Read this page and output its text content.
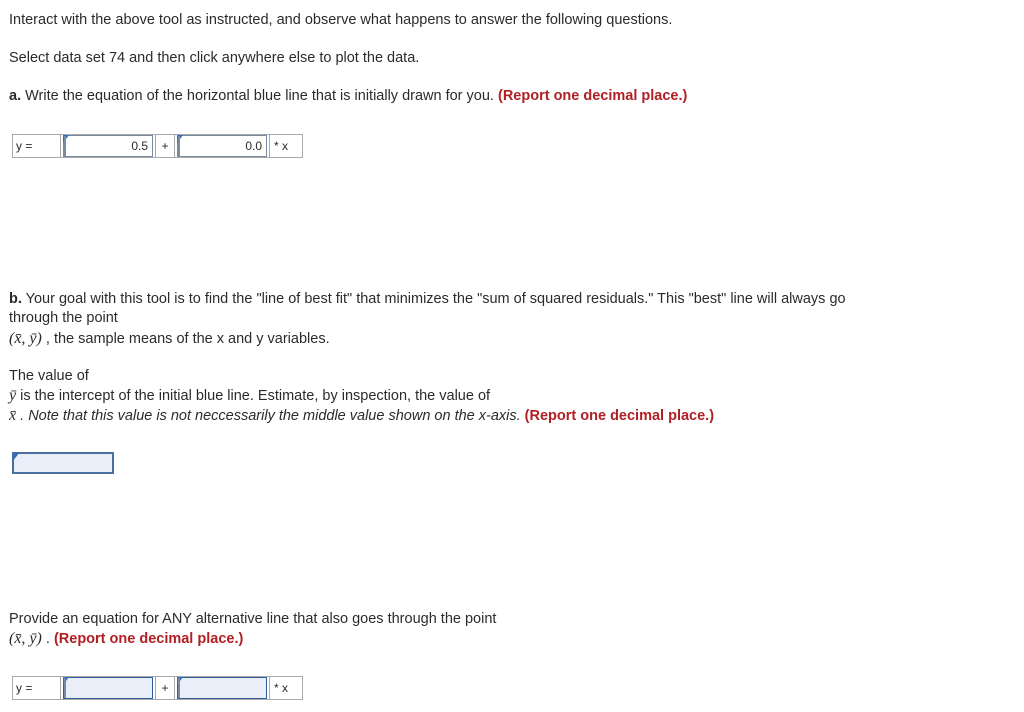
Interact with the above tool as instructed, and observe what happens to answer the following questions.
Select data set 74 and then click anywhere else to plot the data.
a. Write the equation of the horizontal blue line that is initially drawn for you. (Report one decimal place.)
y =	0.5	+	0.0	* x
b. Your goal with this tool is to find the "line of best fit" that minimizes the "sum of squared residuals." This "best" line will always go
through the point
(x̄, ȳ) , the sample means of the x and y variables.
The value of
ȳ is the intercept of the initial blue line. Estimate, by inspection, the value of
x̄ . Note that this value is not neccessarily the middle value shown on the x-axis. (Report one decimal place.)
Provide an equation for ANY alternative line that also goes through the point
(x̄, ȳ) . (Report one decimal place.)
y =	+	* x
